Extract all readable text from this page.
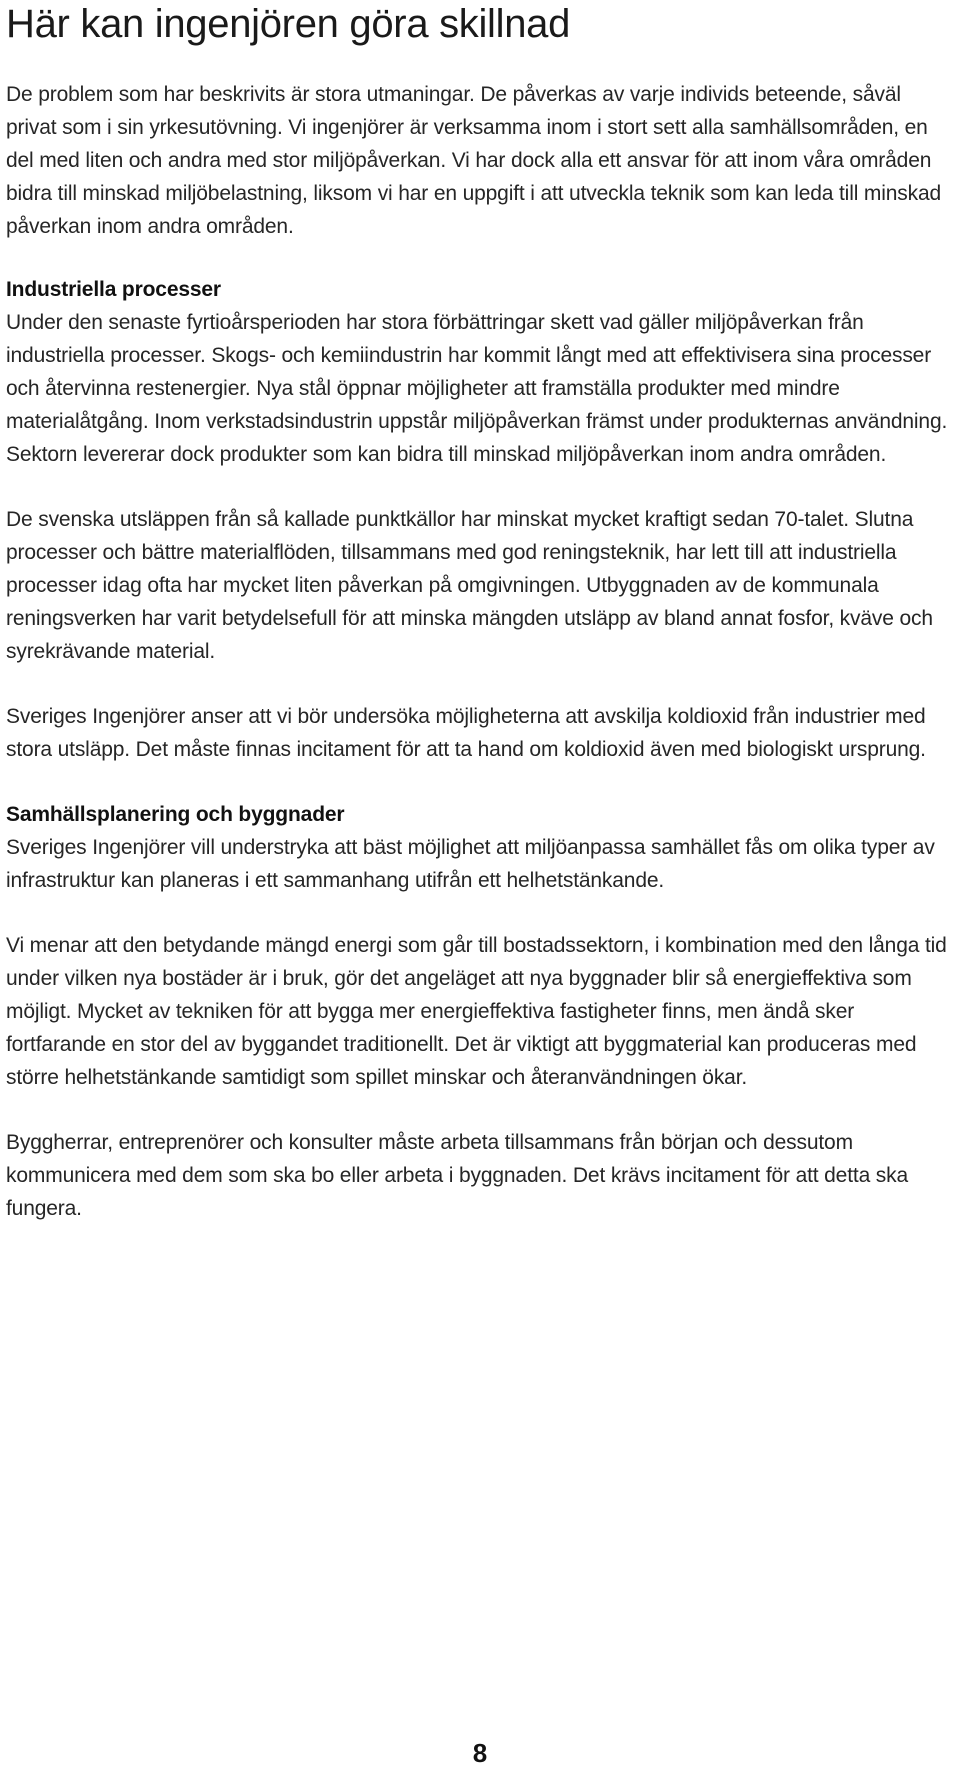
Här kan ingenjören göra skillnad

De problem som har beskrivits är stora utmaningar. De påverkas av varje individs beteende, såväl privat som i sin yrkesutövning. Vi ingenjörer är verksamma inom i stort sett alla samhällsområden, en del med liten och andra med stor miljöpåverkan. Vi har dock alla ett ansvar för att inom våra områden bidra till minskad miljöbelastning, liksom vi har en uppgift i att utveckla teknik som kan leda till minskad påverkan inom andra områden.

Industriella processer

Under den senaste fyrtioårsperioden har stora förbättringar skett vad gäller miljöpåverkan från industriella processer. Skogs- och kemiindustrin har kommit långt med att effektivisera sina processer och återvinna restenergier. Nya stål öppnar möjligheter att framställa produkter med mindre materialåtgång. Inom verkstadsindustrin uppstår miljöpåverkan främst under produkternas användning. Sektorn levererar dock produkter som kan bidra till minskad miljöpåverkan inom andra områden.

De svenska utsläppen från så kallade punktkällor har minskat mycket kraftigt sedan 70-talet. Slutna processer och bättre materialflöden, tillsammans med god reningsteknik, har lett till att industriella processer idag ofta har mycket liten påverkan på omgivningen. Utbyggnaden av de kommunala reningsverken har varit betydelsefull för att minska mängden utsläpp av bland annat fosfor, kväve och syrekrävande material.

Sveriges Ingenjörer anser att vi bör undersöka möjligheterna att avskilja koldioxid från industrier med stora utsläpp. Det måste finnas incitament för att ta hand om koldioxid även med biologiskt ursprung.

Samhällsplanering och byggnader

Sveriges Ingenjörer vill understryka att bäst möjlighet att miljöanpassa samhället fås om olika typer av infrastruktur kan planeras i ett sammanhang utifrån ett helhetstänkande.

Vi menar att den betydande mängd energi som går till bostadssektorn, i kombination med den långa tid under vilken nya bostäder är i bruk, gör det angeläget att nya byggnader blir så energieffektiva som möjligt. Mycket av tekniken för att bygga mer energieffektiva fastigheter finns, men ändå sker fortfarande en stor del av byggandet traditionellt. Det är viktigt att byggmaterial kan produceras med större helhetstänkande samtidigt som spillet minskar och återanvändningen ökar.

Byggherrar, entreprenörer och konsulter måste arbeta tillsammans från början och dessutom kommunicera med dem som ska bo eller arbeta i byggnaden. Det krävs incitament för att detta ska fungera.

8
